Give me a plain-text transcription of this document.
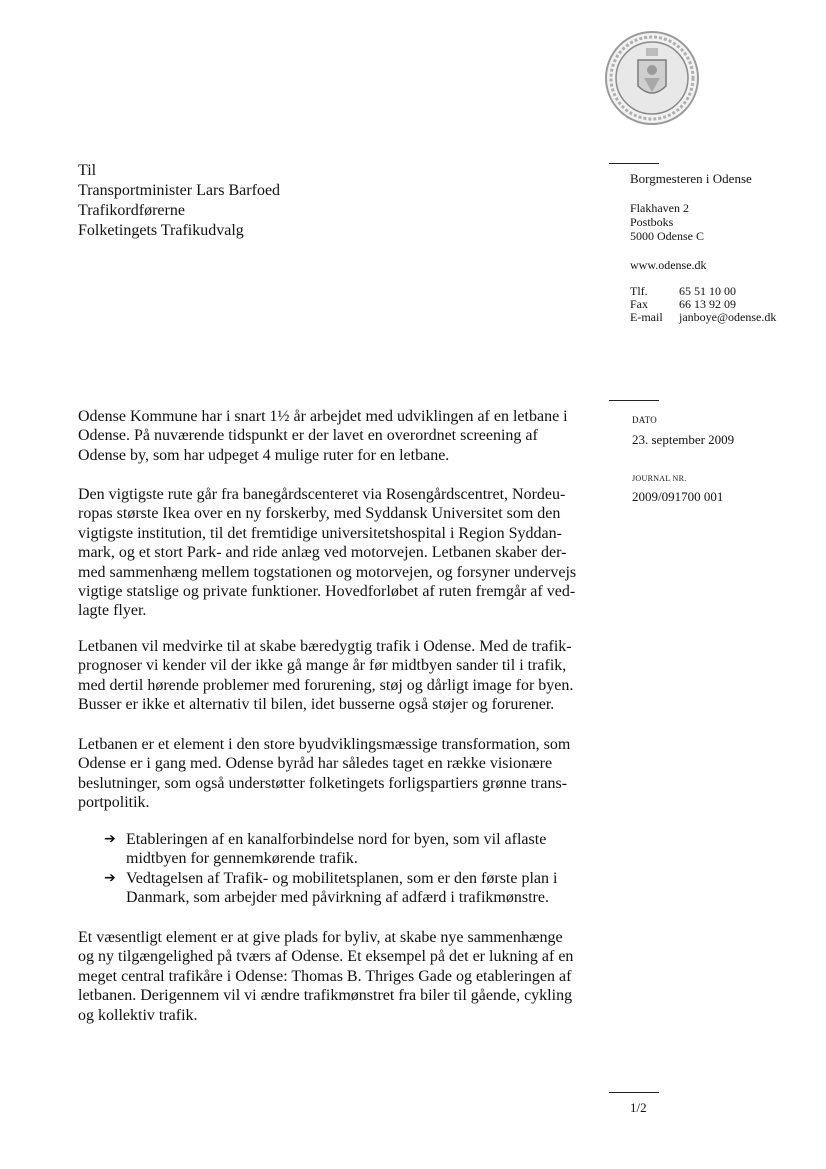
Til
Transportminister Lars Barfoed
Trafikordførerne
Folketingets Trafikudvalg
Borgmesteren i Odense
Flakhaven 2
Postboks
5000 Odense C
www.odense.dk
Tlf.	65 51 10 00
Fax	66 13 92 09
E-mail	janboye@odense.dk
DATO
23. september 2009
JOURNAL NR.
2009/091700 001
Odense Kommune har i snart 1½ år arbejdet med udviklingen af en letbane i
Odense. På nuværende tidspunkt er der lavet en overordnet screening af
Odense by, som har udpeget 4 mulige ruter for en letbane.
Den vigtigste rute går fra banegårdscenteret via Rosengårdscentret, Nordeu-
ropas største Ikea over en ny forskerby, med Syddansk Universitet som den
vigtigste institution, til det fremtidige universitetshospital i Region Syddan-
mark, og et stort Park- and ride anlæg ved motorvejen. Letbanen skaber der-
med sammenhæng mellem togstationen og motorvejen, og forsyner undervejs
vigtige statslige og private funktioner. Hovedforløbet af ruten fremgår af ved-
lagte flyer.
Letbanen vil medvirke til at skabe bæredygtig trafik i Odense. Med de trafik-
prognoser vi kender vil der ikke gå mange år før midtbyen sander til i trafik,
med dertil hørende problemer med forurening, støj og dårligt image for byen.
Busser er ikke et alternativ til bilen, idet busserne også støjer og forurener.
Letbanen er et element i den store byudviklingsmæssige transformation, som
Odense er i gang med. Odense byråd har således taget en række visionære
beslutninger, som også understøtter folketingets forligspartiers grønne trans-
portpolitik.
➔ Etableringen af en kanalforbindelse nord for byen, som vil aflaste
midtbyen for gennemkørende trafik.
➔ Vedtagelsen af Trafik- og mobilitetsplanen, som er den første plan i
Danmark, som arbejder med påvirkning af adfærd i trafikmønstre.
Et væsentligt element er at give plads for byliv, at skabe nye sammenhænge
og ny tilgængelighed på tværs af Odense. Et eksempel på det er lukning af en
meget central trafikåre i Odense: Thomas B. Thriges Gade og etableringen af
letbanen. Derigennem vil vi ændre trafikmønstret fra biler til gående, cykling
og kollektiv trafik.
1/2
